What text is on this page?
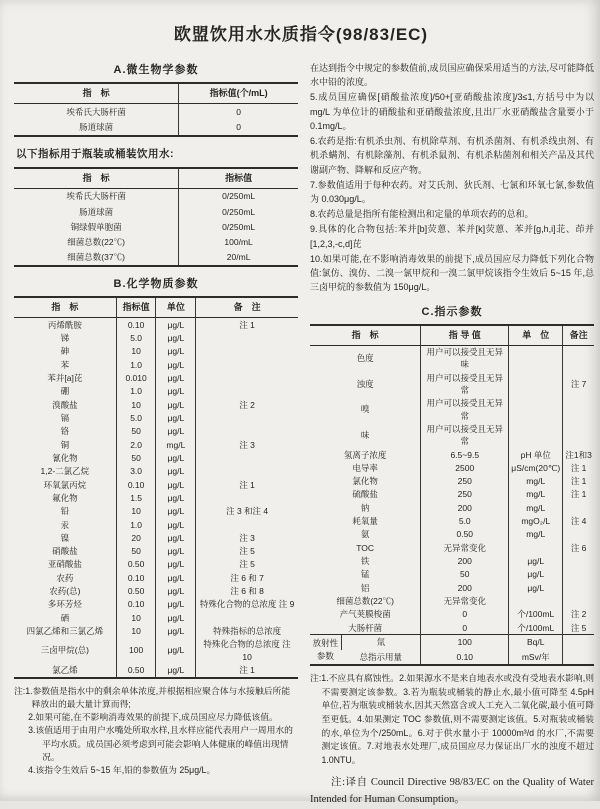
欧盟饮用水水质指令(98/83/EC)
A.微生物学参数
指　标	指标值(个/mL)
埃希氏大肠杆菌	0
肠道球菌	0

以下指标用于瓶装或桶装饮用水:

指　标	指标值
埃希氏大肠杆菌	0/250mL
肠道球菌	0/250mL
铜绿假单胞菌	0/250mL
细菌总数(22℃)	100/mL
细菌总数(37℃)	20/mL
B.化学物质参数
指　标	指标值	单位	备　注
丙烯酰胺	0.10	μg/L	注 1
锑	5.0	μg/L	
砷	10	μg/L	
苯	1.0	μg/L	
苯并[a]芘	0.010	μg/L	
硼	1.0	μg/L	
溴酸盐	10	μg/L	注 2
镉	5.0	μg/L	
铬	50	μg/L	
铜	2.0	mg/L	注 3
氰化物	50	μg/L	
1,2-二氯乙烷	3.0	μg/L	
环氧氯丙烷	0.10	μg/L	注 1
氟化物	1.5	μg/L	
铅	10	μg/L	注 3 和注 4
汞	1.0	μg/L	
镍	20	μg/L	注 3
硝酸盐	50	μg/L	注 5
亚硝酸盐	0.50	μg/L	注 5
农药	0.10	μg/L	注 6 和 7
农药(总)	0.50	μg/L	注 6 和 8
多环芳烃	0.10	μg/L	特殊化合物的总浓度 注 9
硒	10	μg/L	
四氯乙烯和三氯乙烯	10	μg/L	特殊指标的总浓度
三卤甲烷(总)	100	μg/L	特殊化合物的总浓度 注 10
氯乙烯	0.50	μg/L	注 1

注:1.参数值是指水中的剩余单体浓度,并根据相应聚合体与水接触后所能释放出的最大量计算而得;

2.如果可能,在不影响消毒效果的前提下,成员国应尽力降低该值。

3.该值适用于由用户水嘴处所取水样,且水样应能代表用户一周用水的平均水质。成员国必须考虑到可能会影响人体健康的峰值出现情况。

4.该指令生效后 5~15 年,铅的参数值为 25μg/L。

在达到指令中规定的参数值前,成员国应确保采用适当的方法,尽可能降低水中铅的浓度。

5.成员国应确保[硝酸盐浓度]/50+[亚硝酸盐浓度]/3≤1,方括号中为以 mg/L 为单位计的硝酸盐和亚硝酸盐浓度,且出厂水亚硝酸盐含量要小于 0.1mg/L。

6.农药是指:有机杀虫剂、有机除草剂、有机杀菌剂、有机杀线虫剂、有机杀螨剂、有机除藻剂、有机杀鼠剂、有机杀粘菌剂和相关产品及其代谢副产物、降解和反应产物。

7.参数值适用于每种农药。对艾氏剂、狄氏剂、七氯和环氧七氯,参数值为 0.030μg/L。

8.农药总量是指所有能检测出和定量的单项农药的总和。

9.具体的化合物包括:苯并[b]荧蒽、苯并[k]荧蒽、苯并[g,h,i]苝、茚并[1,2,3,-c,d]芘

10.如果可能,在不影响消毒效果的前提下,成员国应尽力降低下列化合物值:氯仿、溴仿、二溴一氯甲烷和一溴二氯甲烷该指令生效后 5~15 年,总三卤甲烷的参数值为 150μg/L。

C.指示参数
指　标	指 导 值	单　位	备注
色度	用户可以接受且无异味		
浊度	用户可以接受且无异常		注 7
嗅	用户可以接受且无异常		
味	用户可以接受且无异常		
氢离子浓度	6.5~9.5	pH 单位	注1和3
电导率	2500	μS/cm(20℃)	注 1
氯化物	250	mg/L	注 1
硫酸盐	250	mg/L	注 1
钠	200	mg/L	
耗氧量	5.0	mgO₂/L	注 4
氨	0.50	mg/L	
TOC	无异常变化		注 6
铁	200	μg/L	
锰	50	μg/L	
铝	200	μg/L	
细菌总数(22℃)	无异常变化		
产气荚膜梭菌	0	个/100mL	注 2
大肠杆菌	0	个/100mL	注 5
放射性参数	氚	100	Bq/L	
	总指示用量	0.10	mSv/年	

注:1.不应具有腐蚀性。2.如果源水不是来自地表水或没有受地表水影响,则不需要测定该参数。3.若为瓶装或桶装的静止水,最小值可降至 4.5pH 单位,若为瓶装或桶装水,因其天然富含或人工充入二氧化碳,最小值可降至更低。4.如果测定 TOC 参数值,则不需要测定该值。5.对瓶装或桶装的水,单位为个/250mL。6.对于供水量小于 10000m³/d 的水厂,不需要测定该值。7.对地表水处理厂,成员国应尽力保证出厂水的浊度不超过 1.0NTU。

注:译自 Council Directive 98/83/EC on the Quality of Water Intended for Human Consumption。
